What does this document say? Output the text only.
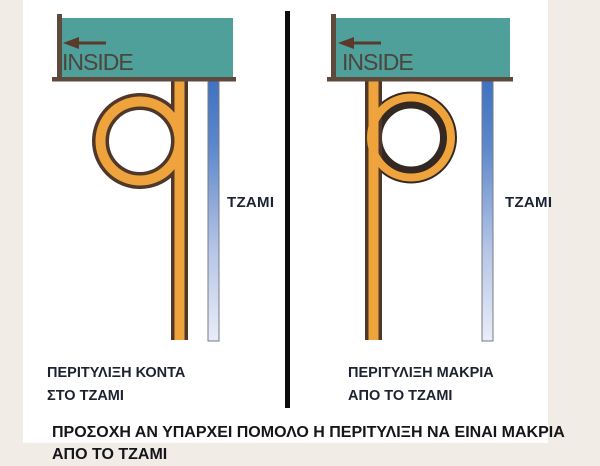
INSIDE
ΤΖΑΜΙ
ΠΕΡΙΤΥΛΙΞΗ ΚΟΝΤΑ
ΣΤΟ ΤΖΑΜΙ
INSIDE
ΤΖΑΜΙ
ΠΕΡΙΤΥΛΙΞΗ ΜΑΚΡΙΑ
ΑΠΟ ΤΟ ΤΖΑΜΙ
ΠΡΟΣΟΧΗ ΑΝ ΥΠΑΡΧΕΙ ΠΟΜΟΛΟ Η ΠΕΡΙΤΥΛΙΞΗ ΝΑ ΕΙΝΑΙ ΜΑΚΡΙΑ
ΑΠΟ ΤΟ ΤΖΑΜΙ
